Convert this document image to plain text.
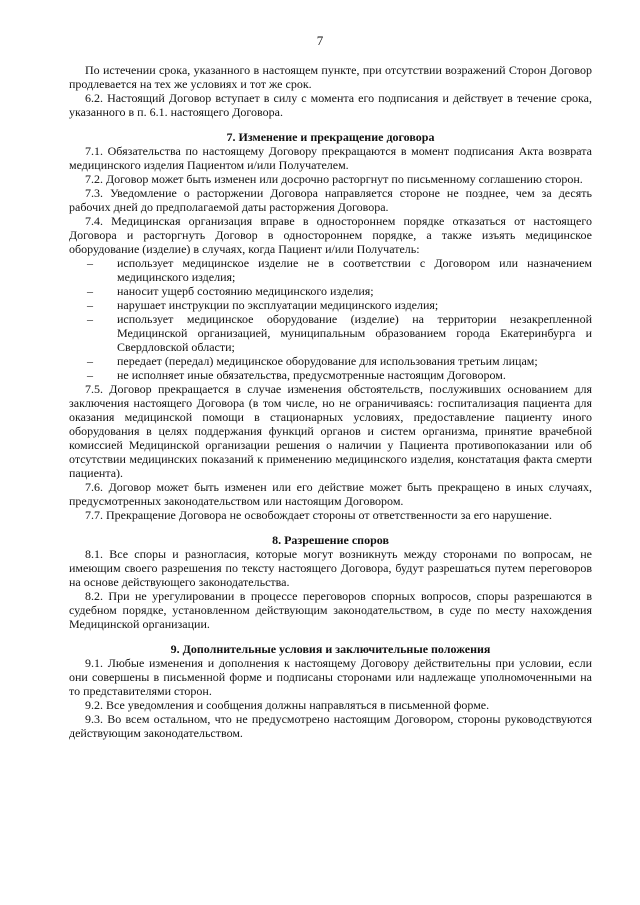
7

По истечении срока, указанного в настоящем пункте, при отсутствии возражений Сторон Договор продлевается на тех же условиях и тот же срок.

6.2. Настоящий Договор вступает в силу с момента его подписания и действует в течение срока, указанного в п. 6.1. настоящего Договора.

7. Изменение и прекращение договора

7.1. Обязательства по настоящему Договору прекращаются в момент подписания Акта возврата медицинского изделия Пациентом и/или Получателем.

7.2. Договор может быть изменен или досрочно расторгнут по письменному соглашению сторон.

7.3. Уведомление о расторжении Договора направляется стороне не позднее, чем за десять рабочих дней до предполагаемой даты расторжения Договора.

7.4. Медицинская организация вправе в одностороннем порядке отказаться от настоящего Договора и расторгнуть Договор в одностороннем порядке, а также изъять медицинское оборудование (изделие) в случаях, когда Пациент и/или Получатель:

–	использует медицинское изделие не в соответствии с Договором или назначением медицинского изделия;
–	наносит ущерб состоянию медицинского изделия;
–	нарушает инструкции по эксплуатации медицинского изделия;
–	использует медицинское оборудование (изделие) на территории незакрепленной Медицинской организацией, муниципальным образованием города Екатеринбурга и Свердловской области;
–	передает (передал) медицинское оборудование для использования третьим лицам;
–	не исполняет иные обязательства, предусмотренные настоящим Договором.

7.5. Договор прекращается в случае изменения обстоятельств, послуживших основанием для заключения настоящего Договора (в том числе, но не ограничиваясь: госпитализация пациента для оказания медицинской помощи в стационарных условиях, предоставление пациенту иного оборудования в целях поддержания функций органов и систем организма, принятие врачебной комиссией Медицинской организации решения о наличии у Пациента противопоказании или об отсутствии медицинских показаний к применению медицинского изделия, констатация факта смерти пациента).

7.6. Договор может быть изменен или его действие может быть прекращено в иных случаях, предусмотренных законодательством или настоящим Договором.

7.7. Прекращение Договора не освобождает стороны от ответственности за его нарушение.

8. Разрешение споров

8.1. Все споры и разногласия, которые могут возникнуть между сторонами по вопросам, не имеющим своего разрешения по тексту настоящего Договора, будут разрешаться путем переговоров на основе действующего законодательства.

8.2. При не урегулировании в процессе переговоров спорных вопросов, споры разрешаются в судебном порядке, установленном действующим законодательством, в суде по месту нахождения Медицинской организации.

9. Дополнительные условия и заключительные положения

9.1. Любые изменения и дополнения к настоящему Договору действительны при условии, если они совершены в письменной форме и подписаны сторонами или надлежаще уполномоченными на то представителями сторон.

9.2. Все уведомления и сообщения должны направляться в письменной форме.

9.3. Во всем остальном, что не предусмотрено настоящим Договором, стороны руководствуются действующим законодательством.
